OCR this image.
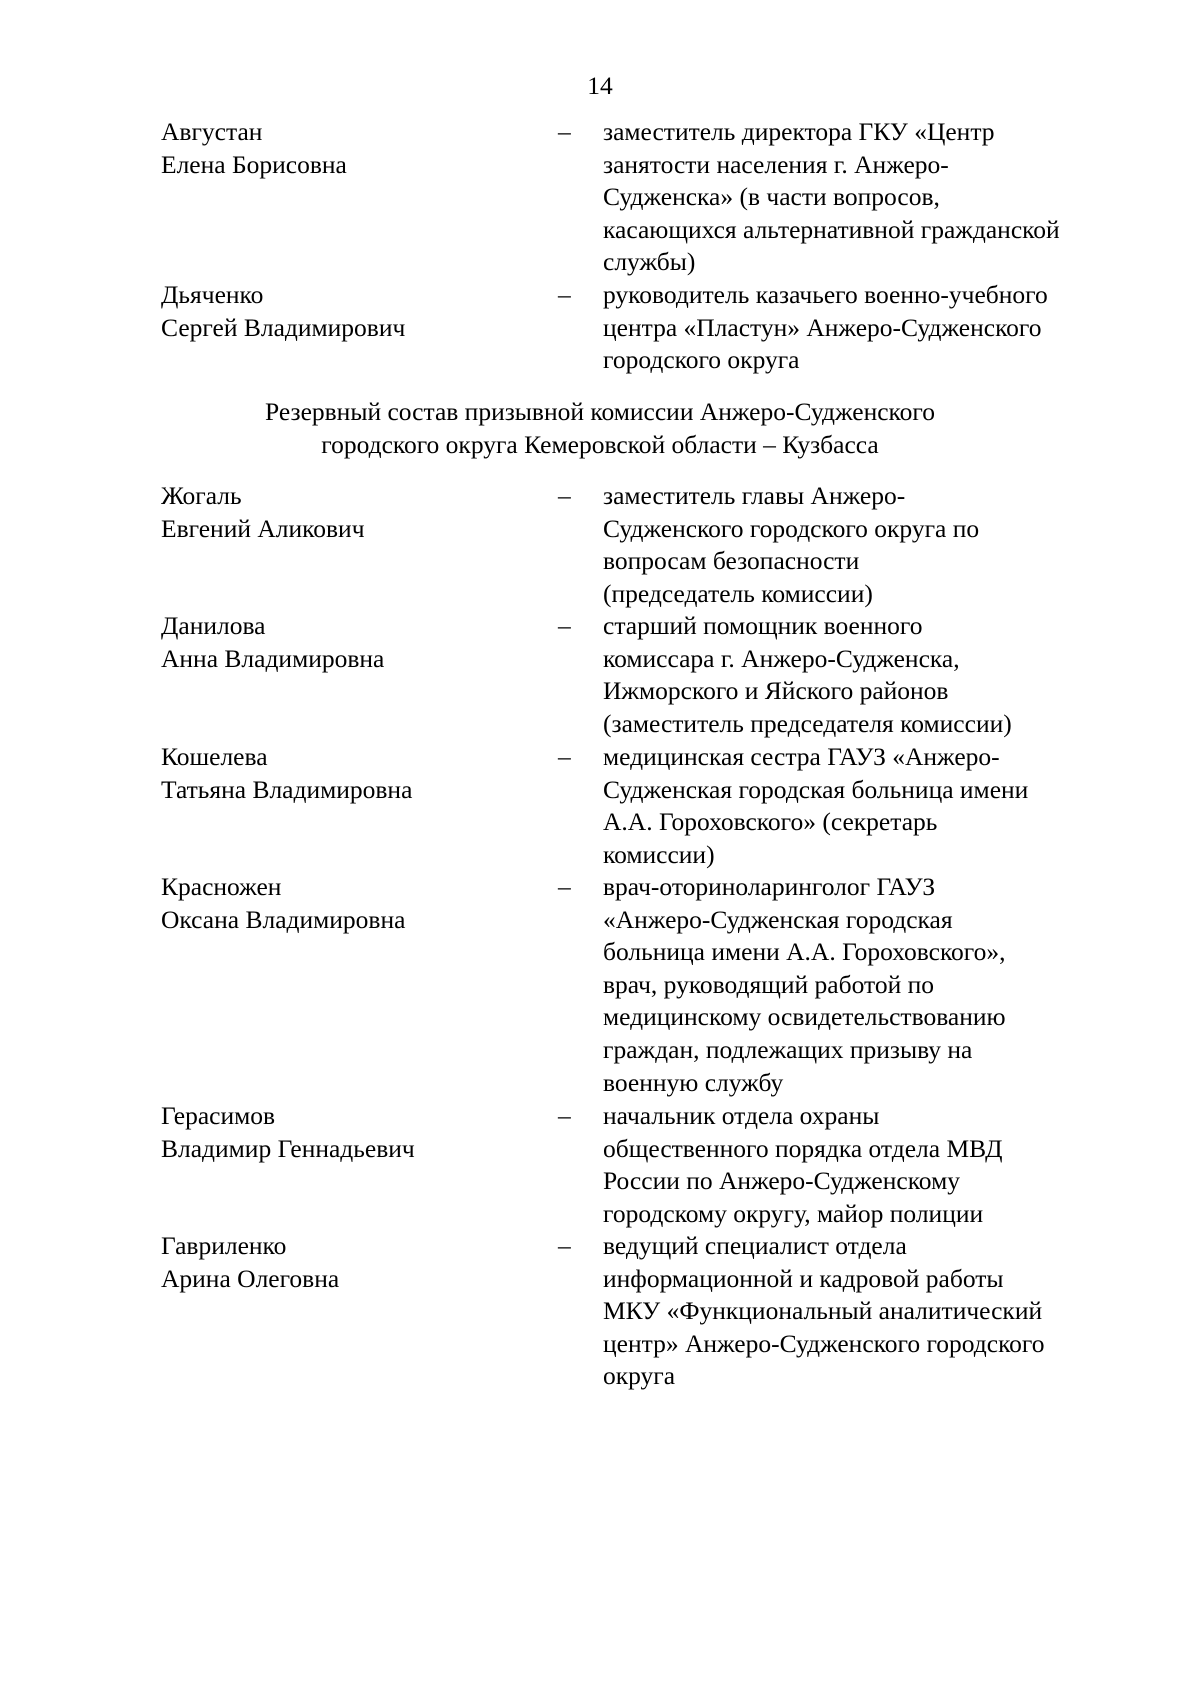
14
Августан
Елена Борисовна
– заместитель директора ГКУ «Центр
занятости населения г. Анжеро-
Судженска» (в части вопросов,
касающихся альтернативной гражданской
службы)
Дьяченко
Сергей Владимирович
– руководитель казачьего военно-учебного
центра «Пластун» Анжеро-Судженского
городского округа
Резервный состав призывной комиссии Анжеро-Судженского
городского округа Кемеровской области – Кузбасса
Жогаль
Евгений Аликович
– заместитель главы Анжеро-
Судженского городского округа по
вопросам безопасности
(председатель комиссии)
Данилова
Анна Владимировна
– старший помощник военного
комиссара г. Анжеро-Судженска,
Ижморского и Яйского районов
(заместитель председателя комиссии)
Кошелева
Татьяна Владимировна
– медицинская сестра ГАУЗ «Анжеро-
Судженская городская больница имени
А.А. Гороховского» (секретарь
комиссии)
Красножен
Оксана Владимировна
– врач-оториноларинголог ГАУЗ
«Анжеро-Судженская городская
больница имени А.А. Гороховского»,
врач, руководящий работой по
медицинскому освидетельствованию
граждан, подлежащих призыву на
военную службу
Герасимов
Владимир Геннадьевич
– начальник отдела охраны
общественного порядка отдела МВД
России по Анжеро-Судженскому
городскому округу, майор полиции
Гавриленко
Арина Олеговна
– ведущий специалист отдела
информационной и кадровой работы
МКУ «Функциональный аналитический
центр» Анжеро-Судженского городского
округа
